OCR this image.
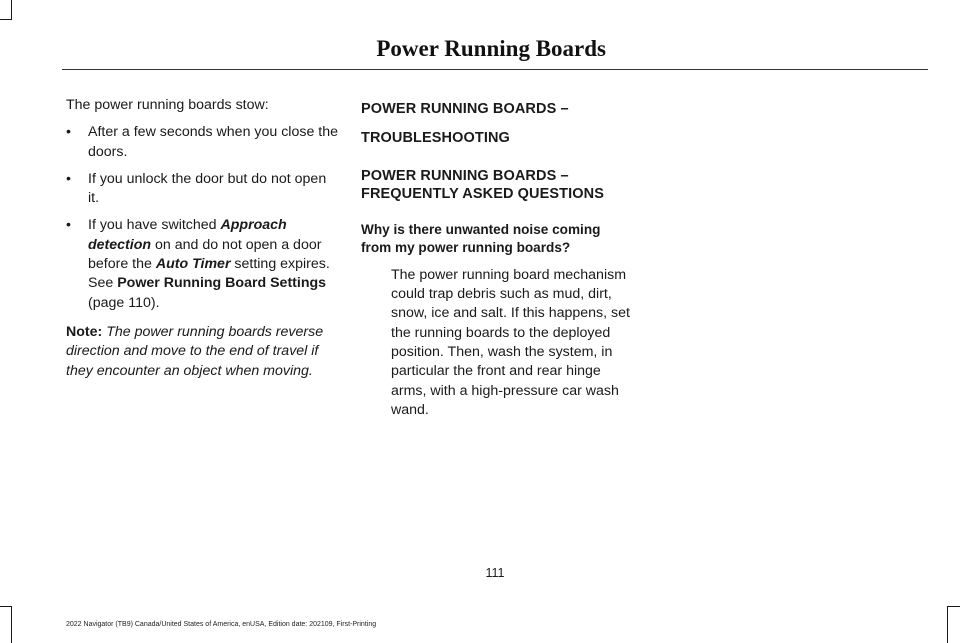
Power Running Boards

The power running boards stow:

• After a few seconds when you close the doors.
• If you unlock the door but do not open it.
• If you have switched Approach detection on and do not open a door before the Auto Timer setting expires. See Power Running Board Settings (page 110).

Note: The power running boards reverse direction and move to the end of travel if they encounter an object when moving.

POWER RUNNING BOARDS –

TROUBLESHOOTING

POWER RUNNING BOARDS – FREQUENTLY ASKED QUESTIONS

Why is there unwanted noise coming from my power running boards?

The power running board mechanism could trap debris such as mud, dirt, snow, ice and salt. If this happens, set the running boards to the deployed position. Then, wash the system, in particular the front and rear hinge arms, with a high-pressure car wash wand.

111
2022 Navigator (TB9) Canada/United States of America, enUSA, Edition date: 202109, First-Printing
